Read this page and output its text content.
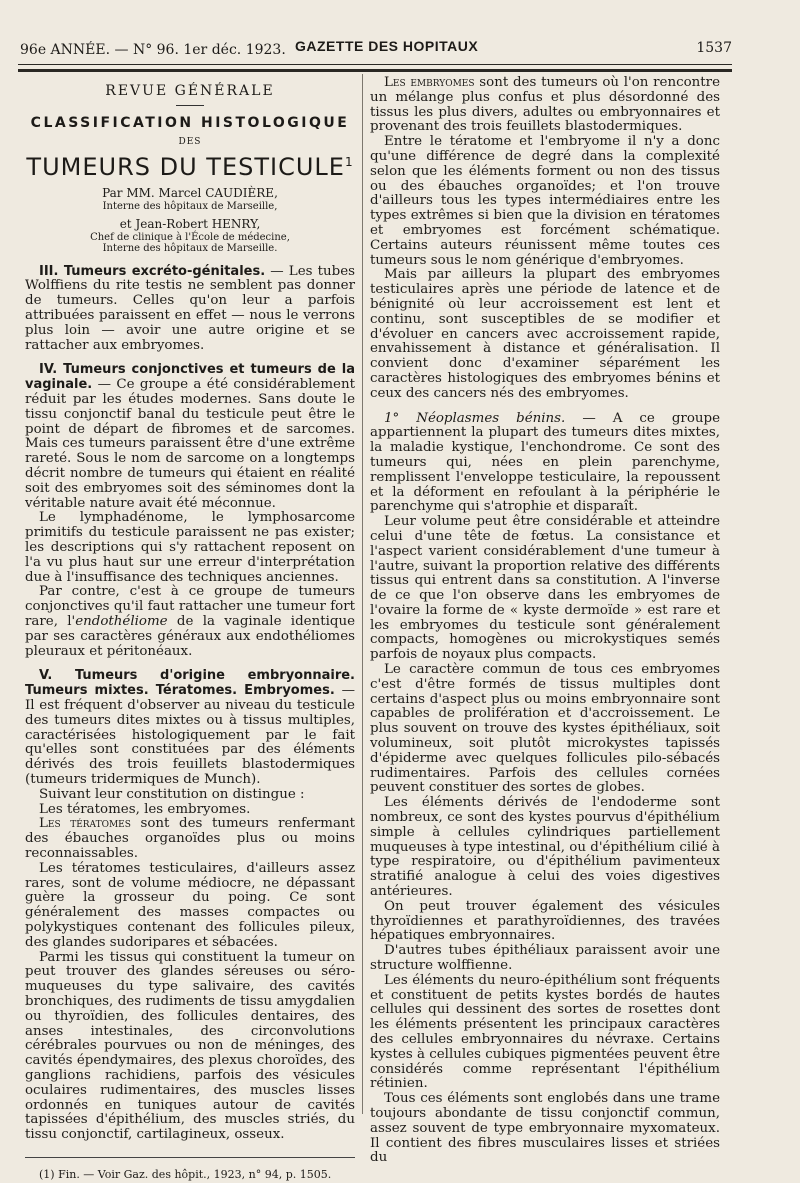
96e ANNÉE. — N° 96. 1er déc. 1923. GAZETTE DES HOPITAUX	1537
REVUE GÉNÉRALE
CLASSIFICATION HISTOLOGIQUE
DES
TUMEURS DU TESTICULE$^1$
Par MM. Marcel CAUDIÈRE,
Interne des hôpitaux de Marseille,
et Jean-Robert HENRY,
Chef de clinique à l'École de médecine,
Interne des hôpitaux de Marseille.

III. Tumeurs excréto-génitales. — Les tubes Wolffiens du rite testis ne semblent pas donner de tumeurs. Celles qu'on leur a parfois attribuées paraissent en effet — nous le verrons plus loin — avoir une autre origine et se rattacher aux embryomes.

IV. Tumeurs conjonctives et tumeurs de la vaginale. — Ce groupe a été considérablement réduit par les études modernes. Sans doute le tissu conjonctif banal du testicule peut être le point de départ de fibromes et de sarcomes. Mais ces tumeurs paraissent être d'une extrême rareté. Sous le nom de sarcome on a longtemps décrit nombre de tumeurs qui étaient en réalité soit des embryomes soit des séminomes dont la véritable nature avait été méconnue.

Le lymphadénome, le lymphosarcome primitifs du testicule paraissent ne pas exister; les descriptions qui s'y rattachent reposent on l'a vu plus haut sur une erreur d'interprétation due à l'insuffisance des techniques anciennes.

Par contre, c'est à ce groupe de tumeurs conjonctives qu'il faut rattacher une tumeur fort rare, l'endothéliome de la vaginale identique par ses caractères généraux aux endothéliomes pleuraux et péritonéaux.

V. Tumeurs d'origine embryonnaire. Tumeurs mixtes. Tératomes. Embryomes. — Il est fréquent d'observer au niveau du testicule des tumeurs dites mixtes ou à tissus multiples, caractérisées histologiquement par le fait qu'elles sont constituées par des éléments dérivés des trois feuillets blastodermiques (tumeurs tridermiques de Munch).

Suivant leur constitution on distingue :

Les tératomes, les embryomes.

Les tératomes sont des tumeurs renfermant des ébauches organoïdes plus ou moins reconnaissables.

Les tératomes testiculaires, d'ailleurs assez rares, sont de volume médiocre, ne dépassant guère la grosseur du poing. Ce sont généralement des masses compactes ou polykystiques contenant des follicules pileux, des glandes sudoripares et sébacées.

Parmi les tissus qui constituent la tumeur on peut trouver des glandes séreuses ou séro-muqueuses du type salivaire, des cavités bronchiques, des rudiments de tissu amygdalien ou thyroïdien, des follicules dentaires, des anses intestinales, des circonvolutions cérébrales pourvues ou non de méninges, des cavités épendymaires, des plexus choroïdes, des ganglions rachidiens, parfois des vésicules oculaires rudimentaires, des muscles lisses ordonnés en tuniques autour de cavités tapissées d'épithélium, des muscles striés, du tissu conjonctif, cartilagineux, osseux.

(1) Fin. — Voir Gaz. des hôpit., 1923, n° 94, p. 1505.

Les embryomes sont des tumeurs où l'on rencontre un mélange plus confus et plus désordonné des tissus les plus divers, adultes ou embryonnaires et provenant des trois feuillets blastodermiques.

Entre le tératome et l'embryome il n'y a donc qu'une différence de degré dans la complexité selon que les éléments forment ou non des tissus ou des ébauches organoïdes; et l'on trouve d'ailleurs tous les types intermédiaires entre les types extrêmes si bien que la division en tératomes et embryomes est forcément schématique. Certains auteurs réunissent même toutes ces tumeurs sous le nom générique d'embryomes.

Mais par ailleurs la plupart des embryomes testiculaires après une période de latence et de bénignité où leur accroissement est lent et continu, sont susceptibles de se modifier et d'évoluer en cancers avec accroissement rapide, envahissement à distance et généralisation. Il convient donc d'examiner séparément les caractères histologiques des embryomes bénins et ceux des cancers nés des embryomes.

1° Néoplasmes bénins. — A ce groupe appartiennent la plupart des tumeurs dites mixtes, la maladie kystique, l'enchondrome. Ce sont des tumeurs qui, nées en plein parenchyme, remplissent l'enveloppe testiculaire, la repoussent et la déforment en refoulant à la périphérie le parenchyme qui s'atrophie et disparaît.

Leur volume peut être considérable et atteindre celui d'une tête de fœtus. La consistance et l'aspect varient considérablement d'une tumeur à l'autre, suivant la proportion relative des différents tissus qui entrent dans sa constitution. A l'inverse de ce que l'on observe dans les embryomes de l'ovaire la forme de « kyste dermoïde » est rare et les embryomes du testicule sont généralement compacts, homogènes ou microkystiques semés parfois de noyaux plus compacts.

Le caractère commun de tous ces embryomes c'est d'être formés de tissus multiples dont certains d'aspect plus ou moins embryonnaire sont capables de prolifération et d'accroissement. Le plus souvent on trouve des kystes épithéliaux, soit volumineux, soit plutôt microkystes tapissés d'épiderme avec quelques follicules pilo-sébacés rudimentaires. Parfois des cellules cornées peuvent constituer des sortes de globes.

Les éléments dérivés de l'endoderme sont nombreux, ce sont des kystes pourvus d'épithélium simple à cellules cylindriques partiellement muqueuses à type intestinal, ou d'épithélium cilié à type respiratoire, ou d'épithélium pavimenteux stratifié analogue à celui des voies digestives antérieures.

On peut trouver également des vésicules thyroïdiennes et parathyroïdiennes, des travées hépatiques embryonnaires.

D'autres tubes épithéliaux paraissent avoir une structure wolffienne.

Les éléments du neuro-épithélium sont fréquents et constituent de petits kystes bordés de hautes cellules qui dessinent des sortes de rosettes dont les éléments présentent les principaux caractères des cellules embryonnaires du névraxe. Certains kystes à cellules cubiques pigmentées peuvent être considérés comme représentant l'épithélium rétinien.

Tous ces éléments sont englobés dans une trame toujours abondante de tissu conjonctif commun, assez souvent de type embryonnaire myxomateux. Il contient des fibres musculaires lisses et striées du
